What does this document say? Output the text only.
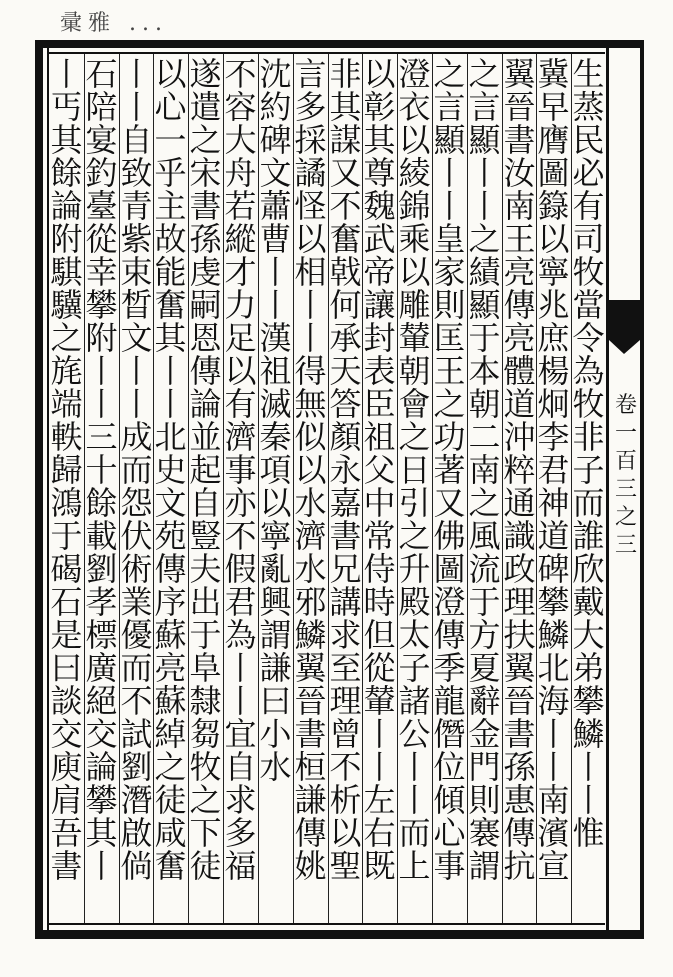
彚雅 ...
卷
一
百
三
之
三
生
蒸
民
必
有
司
牧
當
令
為
牧
非
子
而
誰
欣
戴
大
弟
攀
鱗
丨
丨
惟
冀
早
膺
圖
籙
以
寧
兆
庶
楊
炯
李
君
神
道
碑
攀
鱗
北
海
丨
丨
南
濱
宣
翼
晉
書
汝
南
王
亮
傳
亮
體
道
沖
粹
通
識
政
理
扶
翼
晉
書
孫
惠
傳
抗
之
言
顯
丨
丨
之
績
顯
于
本
朝
二
南
之
風
流
于
方
夏
辭
金
門
則
褰
謂
之
言
顯
丨
丨
皇
家
則
匡
王
之
功
著
又
佛
圖
澄
傳
季
龍
僭
位
傾
心
事
澄
衣
以
綾
錦
乘
以
雕
輦
朝
會
之
日
引
之
升
殿
太
子
諸
公
丨
丨
而
上
以
彰
其
尊
魏
武
帝
讓
封
表
臣
祖
父
中
常
侍
時
但
從
輦
丨
丨
左
右
既
非
其
謀
又
不
奮
戟
何
承
天
答
顏
永
嘉
書
兄
講
求
至
理
曾
不
析
以
聖
言
多
採
譎
怪
以
相
丨
丨
得
無
似
以
水
濟
水
邪
鱗
翼
晉
書
桓
謙
傳
姚
沈
約
碑
文
蕭
曹
丨
丨
漢
祖
滅
秦
項
以
寧
亂
興
謂
謙
曰
小
水
不
容
大
舟
若
縱
才
力
足
以
有
濟
事
亦
不
假
君
為
丨
丨
宜
自
求
多
福
遂
遣
之
宋
書
孫
虔
嗣
恩
傳
論
並
起
自
豎
夫
出
于
阜
隸
芻
牧
之
下
徒
以
心
一
乎
主
故
能
奮
其
丨
丨
北
史
文
苑
傳
序
蘇
亮
蘇
綽
之
徒
咸
奮
丨
丨
自
致
青
紫
束
晳
文
丨
丨
成
而
怨
伏
術
業
優
而
不
試
劉
潛
啟
倘
石
陪
宴
釣
臺
從
幸
攀
附
丨
丨
三
十
餘
載
劉
孝
標
廣
絕
交
論
攀
其
丨
丨
丐
其
餘
論
附
騏
驥
之
旄
端
軼
歸
鴻
于
碣
石
是
曰
談
交
庾
肩
吾
書
